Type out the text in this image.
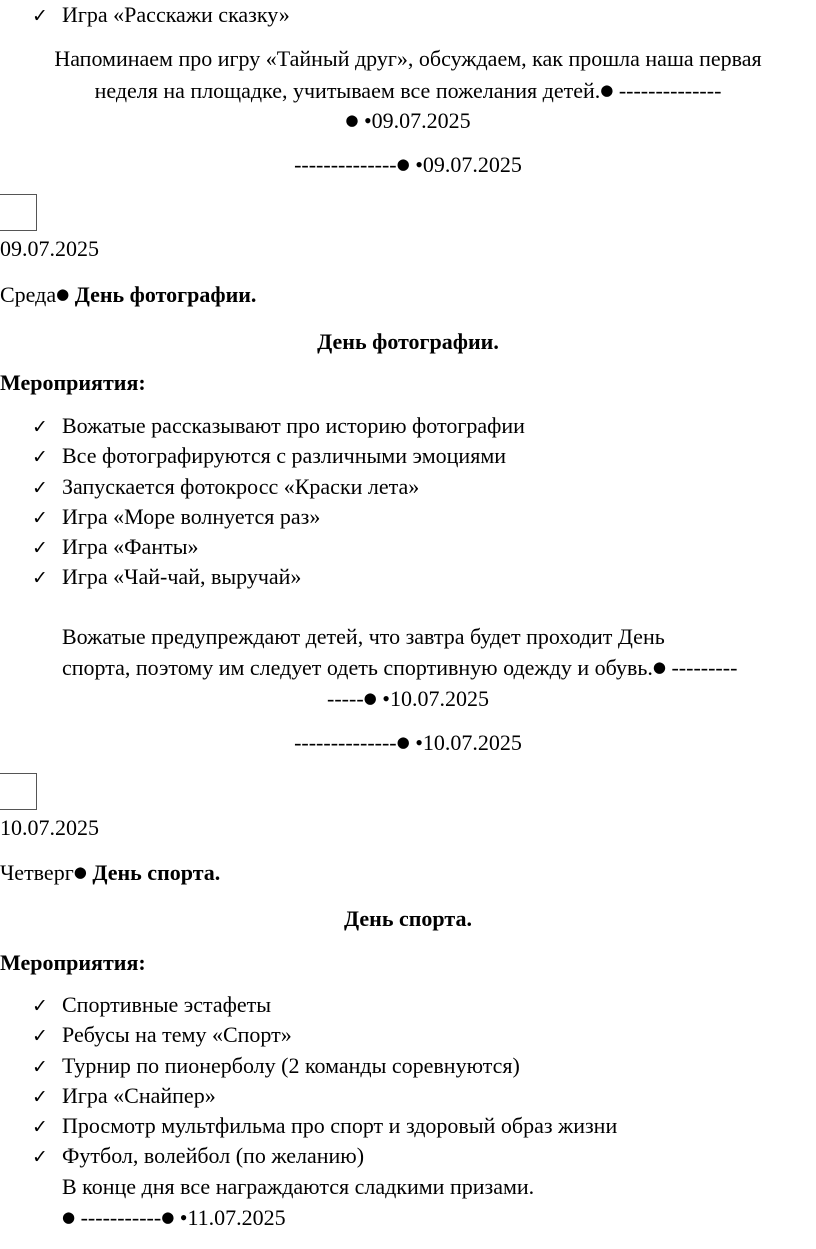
✓ Игра «Расскажи сказку»
Напоминаем про игру «Тайный друг», обсуждаем, как прошла наша первая
неделя на площадке, учитываем все пожелания детей.● --------------
● •09.07.2025
--------------● •09.07.2025
09.07.2025
Среда● День фотографии.
День фотографии.
Мероприятия:
✓ Вожатые рассказывают про историю фотографии
✓ Все фотографируются с различными эмоциями
✓ Запускается фотокросс «Краски лета»
✓ Игра «Море волнуется раз»
✓ Игра «Фанты»
✓ Игра «Чай-чай, выручай»
Вожатые предупреждают детей, что завтра будет проходит День
спорта, поэтому им следует одеть спортивную одежду и обувь.● ---------
-----● •10.07.2025
--------------● •10.07.2025
10.07.2025
Четверг● День спорта.
День спорта.
Мероприятия:
✓ Спортивные эстафеты
✓ Ребусы на тему «Спорт»
✓ Турнир по пионерболу (2 команды соревнуются)
✓ Игра «Снайпер»
✓ Просмотр мультфильма про спорт и здоровый образ жизни
✓ Футбол, волейбол (по желанию)
В конце дня все награждаются сладкими призами.
● -----------● •11.07.2025
